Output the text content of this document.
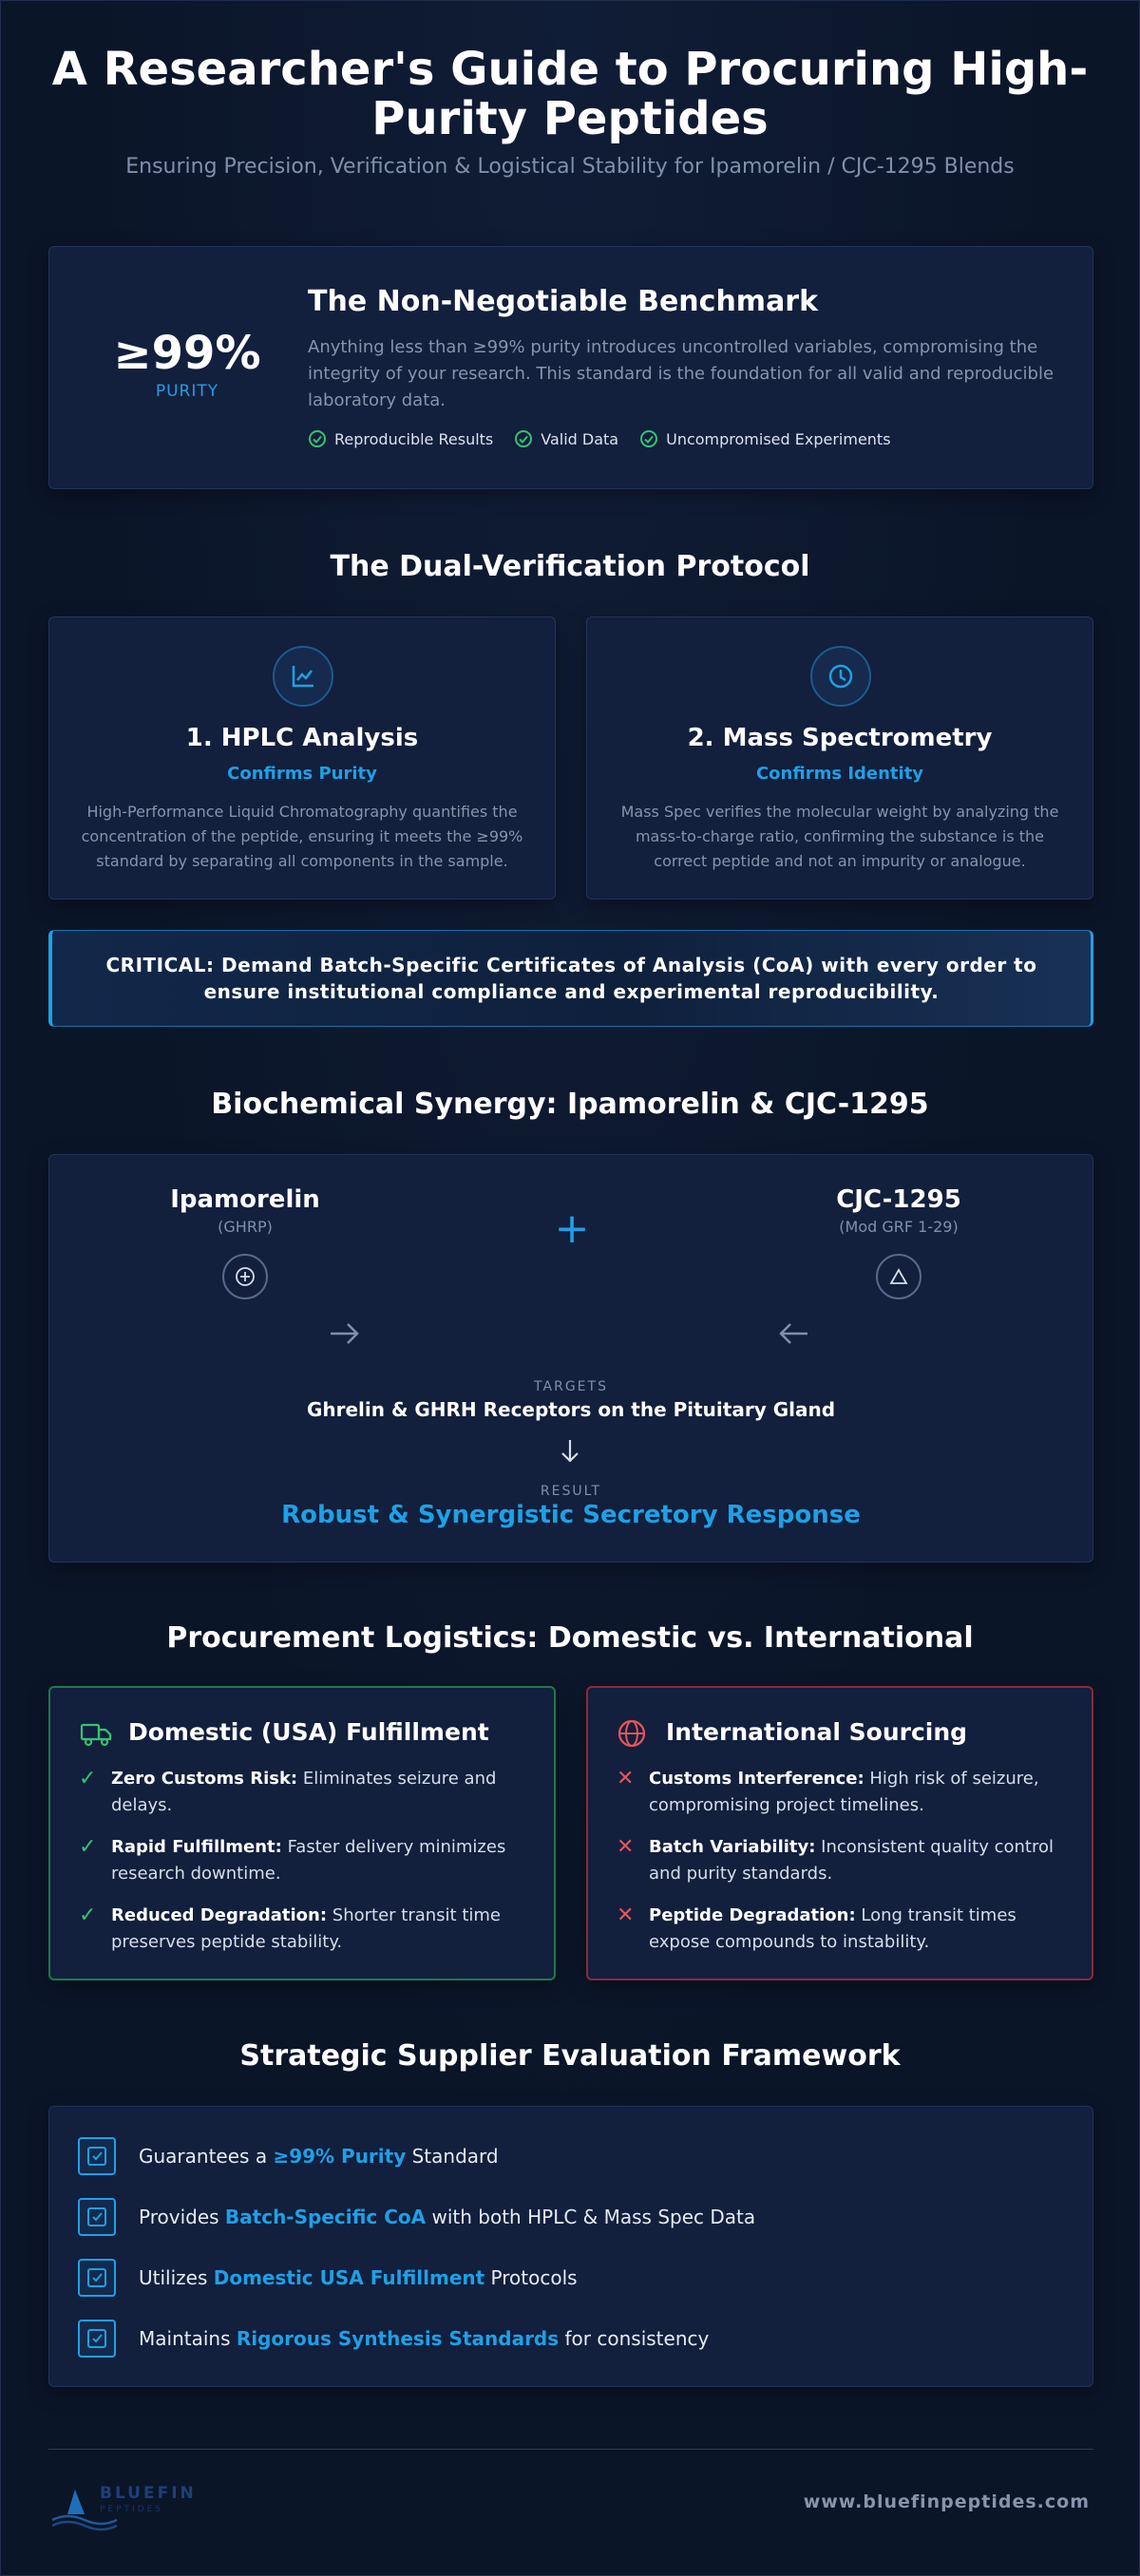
A Researcher's Guide to Procuring High-Purity Peptides
Ensuring Precision, Verification & Logistical Stability for Ipamorelin / CJC-1295 Blends
≥99%
PURITY
The Non-Negotiable Benchmark
Anything less than ≥99% purity introduces uncontrolled variables, compromising the integrity of your research. This standard is the foundation for all valid and reproducible laboratory data.
Reproducible Results	Valid Data	Uncompromised Experiments
The Dual-Verification Protocol
1. HPLC Analysis
Confirms Purity
High-Performance Liquid Chromatography quantifies the concentration of the peptide, ensuring it meets the ≥99% standard by separating all components in the sample.
2. Mass Spectrometry
Confirms Identity
Mass Spec verifies the molecular weight by analyzing the mass-to-charge ratio, confirming the substance is the correct peptide and not an impurity or analogue.
CRITICAL: Demand Batch-Specific Certificates of Analysis (CoA) with every order to ensure institutional compliance and experimental reproducibility.
Biochemical Synergy: Ipamorelin & CJC-1295
Ipamorelin
(GHRP)	+
CJC-1295
(Mod GRF 1-29)
TARGETS
Ghrelin & GHRH Receptors on the Pituitary Gland
RESULT
Robust & Synergistic Secretory Response
Procurement Logistics: Domestic vs. International
Domestic (USA) Fulfillment
✓ Zero Customs Risk: Eliminates seizure and delays.
✓ Rapid Fulfillment: Faster delivery minimizes research downtime.
✓ Reduced Degradation: Shorter transit time preserves peptide stability.
International Sourcing
✕ Customs Interference: High risk of seizure, compromising project timelines.
✕ Batch Variability: Inconsistent quality control and purity standards.
✕ Peptide Degradation: Long transit times expose compounds to instability.
Strategic Supplier Evaluation Framework
Guarantees a ≥99% Purity Standard
Provides Batch-Specific CoA with both HPLC & Mass Spec Data
Utilizes Domestic USA Fulfillment Protocols
Maintains Rigorous Synthesis Standards for consistency
BLUEFIN
PEPTIDES	www.bluefinpeptides.com
